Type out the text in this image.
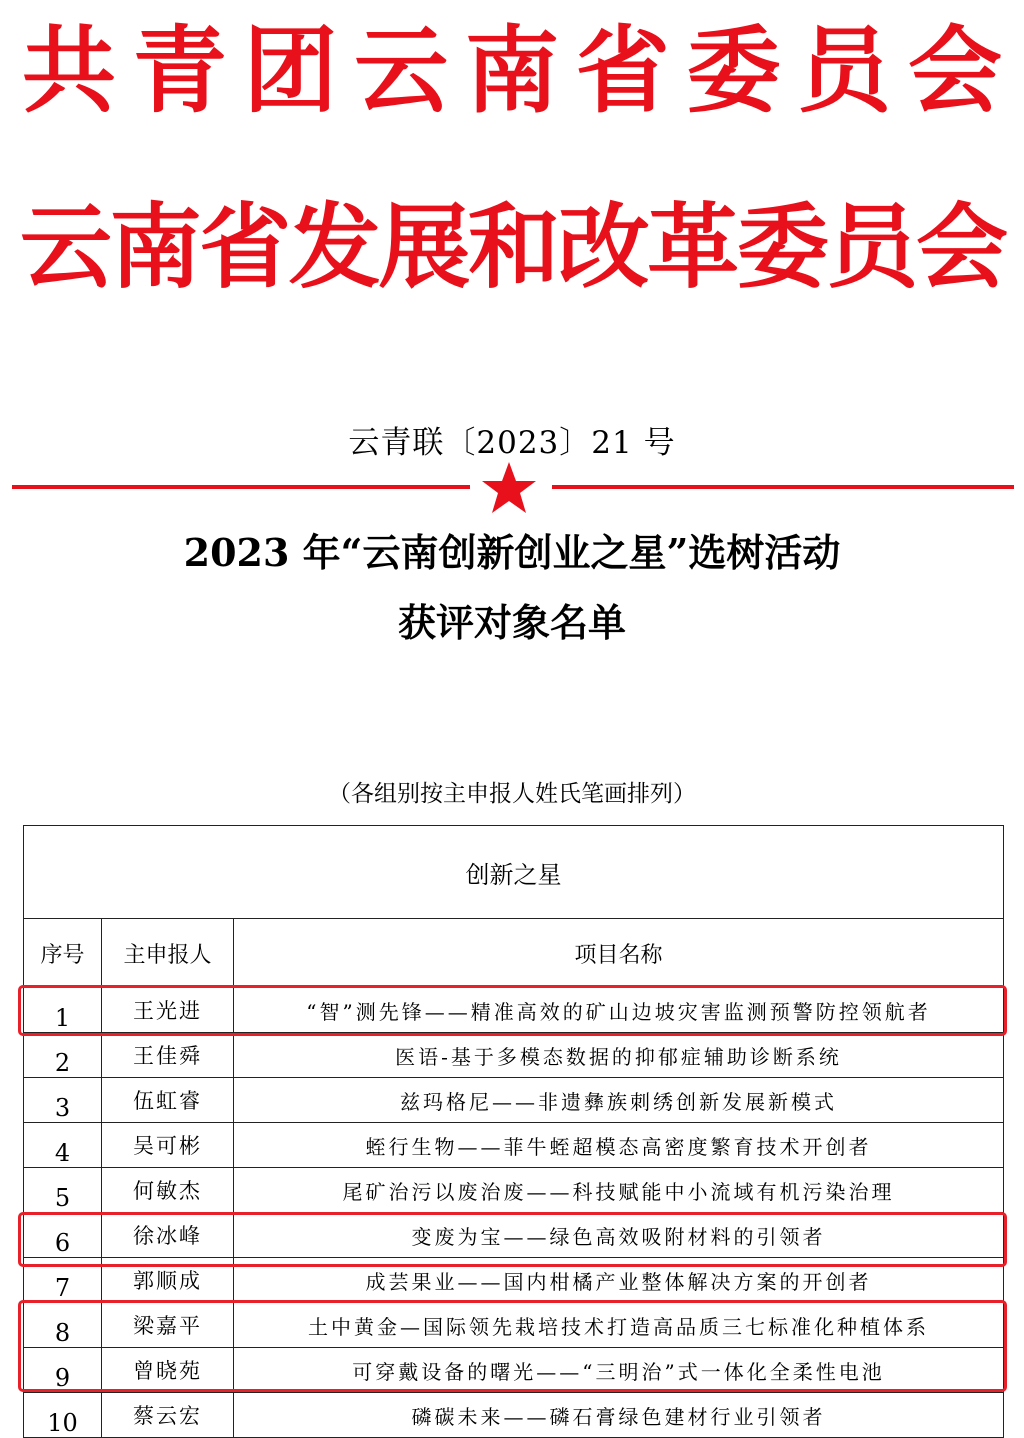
共 青 团 云 南 省 委 员 会
云
南
省
发
展
和
改
革
委
员
会
云青联〔2023〕21 号
2023 年“云南创新创业之星”选树活动
获评对象名单
（各组别按主申报人姓氏笔画排列）
创新之星		
序号	主申报人	项目名称
1	王光进	“智”测先锋——精准高效的矿山边坡灾害监测预警防控领航者
2	王佳舜	医语-基于多模态数据的抑郁症辅助诊断系统
3	伍虹睿	兹玛格尼——非遗彝族刺绣创新发展新模式
4	吴可彬	蛭行生物——菲牛蛭超模态高密度繁育技术开创者
5	何敏杰	尾矿治污以废治废——科技赋能中小流域有机污染治理
6	徐冰峰	变废为宝——绿色高效吸附材料的引领者
7	郭顺成	成芸果业——国内柑橘产业整体解决方案的开创者
8	梁嘉平	土中黄金—国际领先栽培技术打造高品质三七标准化种植体系
9	曾晓苑	可穿戴设备的曙光——“三明治”式一体化全柔性电池
10	蔡云宏	磷碳未来——磷石膏绿色建材行业引领者
